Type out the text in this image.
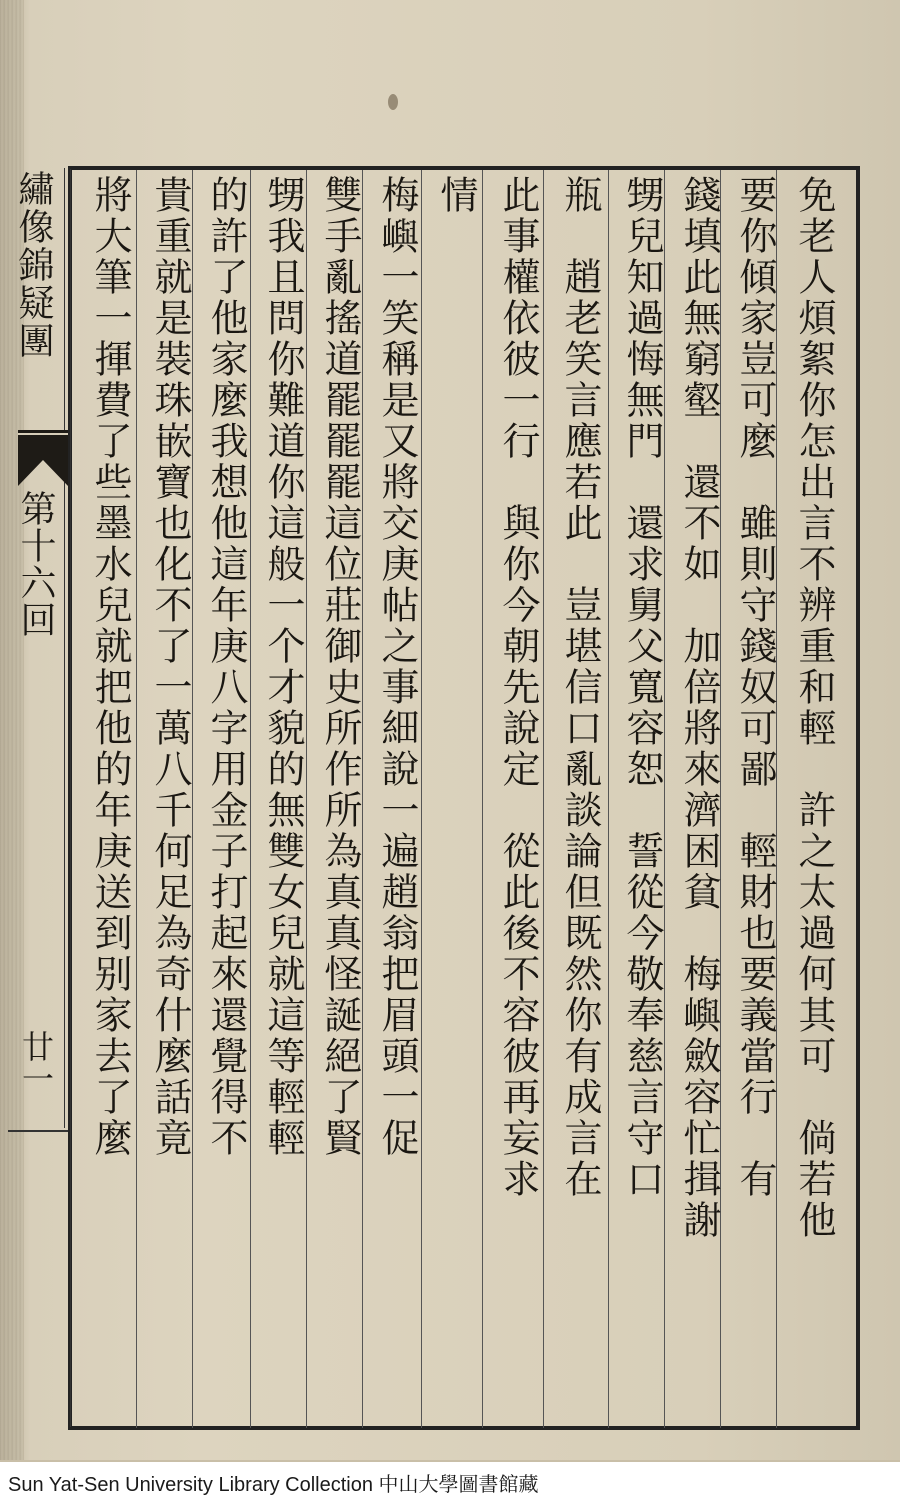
繡像錦疑團
第十六回
廿一	免老人煩絮你怎出言不辨重和輕　許之太過何其可　倘若他
要你傾家豈可麼　雖則守錢奴可鄙　輕財也要義當行　有
錢填此無窮壑　還不如　加倍將來濟困貧　梅嶼斂容忙揖謝
甥兒知過悔無門　還求舅父寬容恕　誓從今敬奉慈言守口
瓶　趙老笑言應若此　豈堪信口亂談論但既然你有成言在
此事權依彼一行　與你今朝先說定　從此後不容彼再妄求
情
梅嶼一笑稱是又將交庚帖之事細說一遍趙翁把眉頭一促
雙手亂搖道罷罷罷這位莊御史所作所為真真怪誕絕了賢
甥我且問你難道你這般一个才貌的無雙女兒就這等輕輕
的許了他家麼我想他這年庚八字用金子打起來還覺得不
貴重就是裝珠嵌寶也化不了一萬八千何足為奇什麼話竟
將大筆一揮費了些墨水兒就把他的年庚送到别家去了麼
Sun Yat-Sen University Library Collection 中山大學圖書館藏
